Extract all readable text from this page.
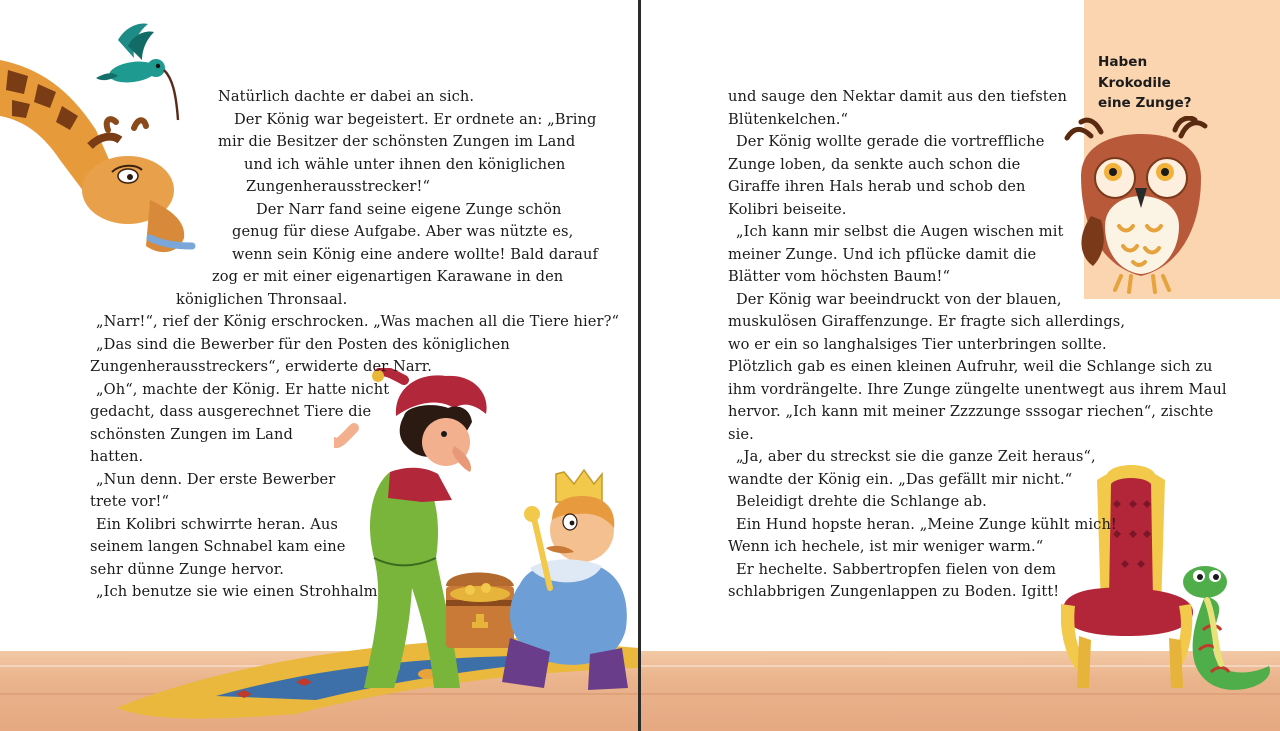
Natürlich dachte er dabei an sich.
Der König war begeistert. Er ordnete an: „Bring
mir die Besitzer der schönsten Zungen im Land
und ich wähle unter ihnen den königlichen
Zungenherausstrecker!“
Der Narr fand seine eigene Zunge schön
genug für diese Aufgabe. Aber was nützte es,
wenn sein König eine andere wollte! Bald darauf
zog er mit einer eigenartigen Karawane in den
königlichen Thronsaal.
„Narr!“, rief der König erschrocken. „Was machen all die Tiere hier?“
„Das sind die Bewerber für den Posten des königlichen
Zungenherausstreckers“, erwiderte der Narr.
„Oh“, machte der König. Er hatte nicht
gedacht, dass ausgerechnet Tiere die
schönsten Zungen im Land
hatten.
„Nun denn. Der erste Bewerber
trete vor!“
Ein Kolibri schwirrte heran. Aus
seinem langen Schnabel kam eine
sehr dünne Zunge hervor.
„Ich benutze sie wie einen Strohhalm
Haben
Krokodile
eine Zunge?
und sauge den Nektar damit aus den tiefsten
Blütenkelchen.“
Der König wollte gerade die vortreffliche
Zunge loben, da senkte auch schon die
Giraffe ihren Hals herab und schob den
Kolibri beiseite.
„Ich kann mir selbst die Augen wischen mit
meiner Zunge. Und ich pflücke damit die
Blätter vom höchsten Baum!“
Der König war beeindruckt von der blauen,
muskulösen Giraffenzunge. Er fragte sich allerdings,
wo er ein so langhalsiges Tier unterbringen sollte.
Plötzlich gab es einen kleinen Aufruhr, weil die Schlange sich zu
ihm vordrängelte. Ihre Zunge züngelte unentwegt aus ihrem Maul
hervor. „Ich kann mit meiner Zzzzunge sssogar riechen“, zischte
sie.
„Ja, aber du streckst sie die ganze Zeit heraus“,
wandte der König ein. „Das gefällt mir nicht.“
Beleidigt drehte die Schlange ab.
Ein Hund hopste heran. „Meine Zunge kühlt mich!
Wenn ich hechele, ist mir weniger warm.“
Er hechelte. Sabbertropfen fielen von dem
schlabbrigen Zungenlappen zu Boden. Igitt!
